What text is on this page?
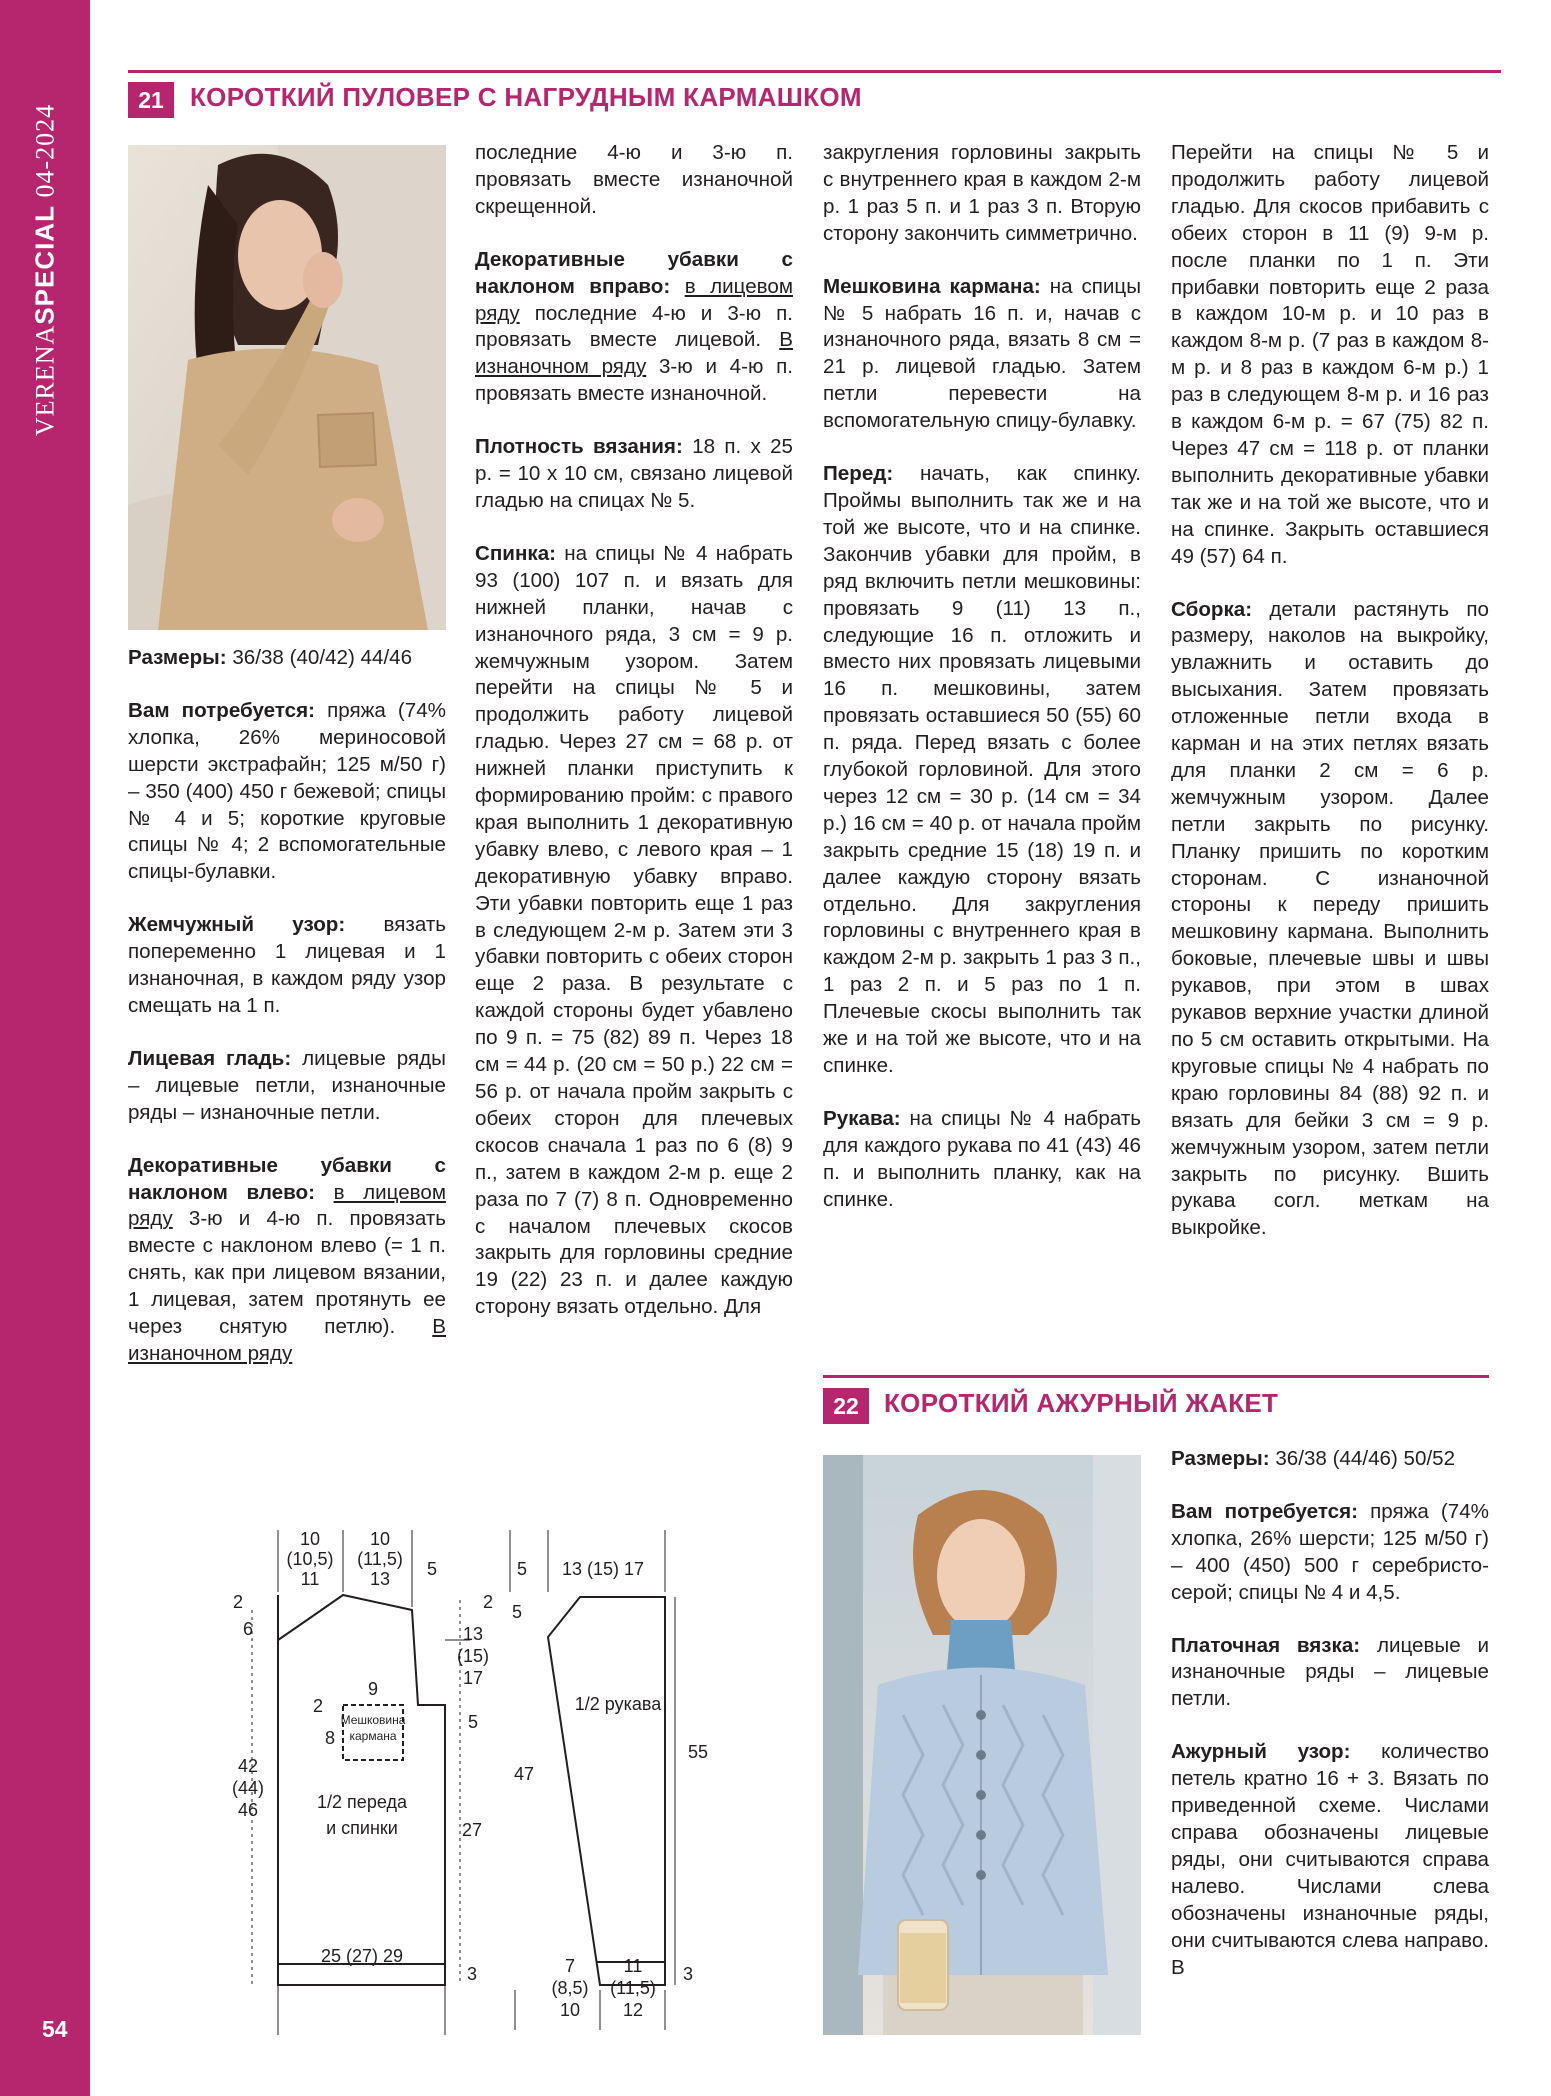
VERENASPECIAL 04-2024
54
21	КОРОТКИЙ ПУЛОВЕР С НАГРУДНЫМ КАРМАШКОМ

Размеры: 36/38 (40/42) 44/46

Вам потребуется: пряжа (74% хлопка, 26% мериносовой шерсти экстрафайн; 125 м/50 г) – 350 (400) 450 г бежевой; спицы № 4 и 5; короткие круговые спицы № 4; 2 вспомогательные спицы-булавки.

Жемчужный узор: вязать попеременно 1 лицевая и 1 изнаночная, в каждом ряду узор смещать на 1 п.

Лицевая гладь: лицевые ряды – лицевые петли, изнаночные ряды – изнаночные петли.

Декоративные убавки с наклоном влево: в лицевом ряду 3-ю и 4-ю п. провязать вместе с наклоном влево (= 1 п. снять, как при лицевом вязании, 1 лицевая, затем протянуть ее через снятую петлю). В изнаночном ряду

последние 4-ю и 3-ю п. провязать вместе изнаночной скрещенной.

Декоративные убавки с наклоном вправо: в лицевом ряду последние 4-ю и 3-ю п. провязать вместе лицевой. В изнаночном ряду 3-ю и 4-ю п. провязать вместе изнаночной.

Плотность вязания: 18 п. х 25 р. = 10 х 10 см, связано лицевой гладью на спицах № 5.

Спинка: на спицы № 4 набрать 93 (100) 107 п. и вязать для нижней планки, начав с изнаночного ряда, 3 см = 9 р. жемчужным узором. Затем перейти на спицы № 5 и продолжить работу лицевой гладью. Через 27 см = 68 р. от нижней планки приступить к формированию пройм: с правого края выполнить 1 декоративную убавку влево, с левого края – 1 декоративную убавку вправо. Эти убавки повторить еще 1 раз в следующем 2-м р. Затем эти 3 убавки повторить с обеих сторон еще 2 раза. В результате с каждой стороны будет убавлено по 9 п. = 75 (82) 89 п. Через 18 см = 44 р. (20 см = 50 р.) 22 см = 56 р. от начала пройм закрыть с обеих сторон для плечевых скосов сначала 1 раз по 6 (8) 9 п., затем в каждом 2-м р. еще 2 раза по 7 (7) 8 п. Одновременно с началом плечевых скосов закрыть для горловины средние 19 (22) 23 п. и далее каждую сторону вязать отдельно. Для

закругления горловины закрыть с внутреннего края в каждом 2-м р. 1 раз 5 п. и 1 раз 3 п. Вторую сторону закончить симметрично.

Мешковина кармана: на спицы № 5 набрать 16 п. и, начав с изнаночного ряда, вязать 8 см = 21 р. лицевой гладью. Затем петли перевести на вспомогательную спицу-булавку.

Перед: начать, как спинку. Проймы выполнить так же и на той же высоте, что и на спинке. Закончив убавки для пройм, в ряд включить петли мешковины: провязать 9 (11) 13 п., следующие 16 п. отложить и вместо них провязать лицевыми 16 п. мешковины, затем провязать оставшиеся 50 (55) 60 п. ряда. Перед вязать с более глубокой горловиной. Для этого через 12 см = 30 р. (14 см = 34 р.) 16 см = 40 р. от начала пройм закрыть средние 15 (18) 19 п. и далее каждую сторону вязать отдельно. Для закругления горловины с внутреннего края в каждом 2-м р. закрыть 1 раз 3 п., 1 раз 2 п. и 5 раз по 1 п. Плечевые скосы выполнить так же и на той же высоте, что и на спинке.

Рукава: на спицы № 4 набрать для каждого рукава по 41 (43) 46 п. и выполнить планку, как на спинке.

Перейти на спицы № 5 и продолжить работу лицевой гладью. Для скосов прибавить с обеих сторон в 11 (9) 9-м р. после планки по 1 п. Эти прибавки повторить еще 2 раза в каждом 10-м р. и 10 раз в каждом 8-м р. (7 раз в каждом 8-м р. и 8 раз в каждом 6-м р.) 1 раз в следующем 8-м р. и 16 раз в каждом 6-м р. = 67 (75) 82 п. Через 47 см = 118 р. от планки выполнить декоративные убавки так же и на той же высоте, что и на спинке. Закрыть оставшиеся 49 (57) 64 п.

Сборка: детали растянуть по размеру, наколов на выкройку, увлажнить и оставить до высыхания. Затем провязать отложенные петли входа в карман и на этих петлях вязать для планки 2 см = 6 р. жемчужным узором. Далее петли закрыть по рисунку. Планку пришить по коротким сторонам. С изнаночной стороны к переду пришить мешковину кармана. Выполнить боковые, плечевые швы и швы рукавов, при этом в швах рукавов верхние участки длиной по 5 см оставить открытыми. На круговые спицы № 4 набрать по краю горловины 84 (88) 92 п. и вязать для бейки 3 см = 9 р. жемчужным узором, затем петли закрыть по рисунку. Вшить рукава согл. меткам на выкройке.

22 КОРОТКИЙ АЖУРНЫЙ ЖАКЕТ

Размеры: 36/38 (44/46) 50/52

Вам потребуется: пряжа (74% хлопка, 26% шерсти; 125 м/50 г) – 400 (450) 500 г серебристо-серой; спицы № 4 и 4,5.

Платочная вязка: лицевые и изнаночные ряды – лицевые петли.

Ажурный узор: количество петель кратно 16 + 3. Вязать по приведенной схеме. Числами справа обозначены лицевые ряды, они считываются справа налево. Числами слева обозначены изнаночные ряды, они считываются слева направо. В

10
(10,5)
11
10
(11,5)
13 5
2
6
2
13
(15)
17
5
9
2
8
Мешковина
кармана
42
(44)
46	1/2 переда
и спинки	27
3
25 (27) 29
5 13 (15) 17
5
47
1/2 рукава
55
3
7
(8,5)
10
11
(11,5)
12
